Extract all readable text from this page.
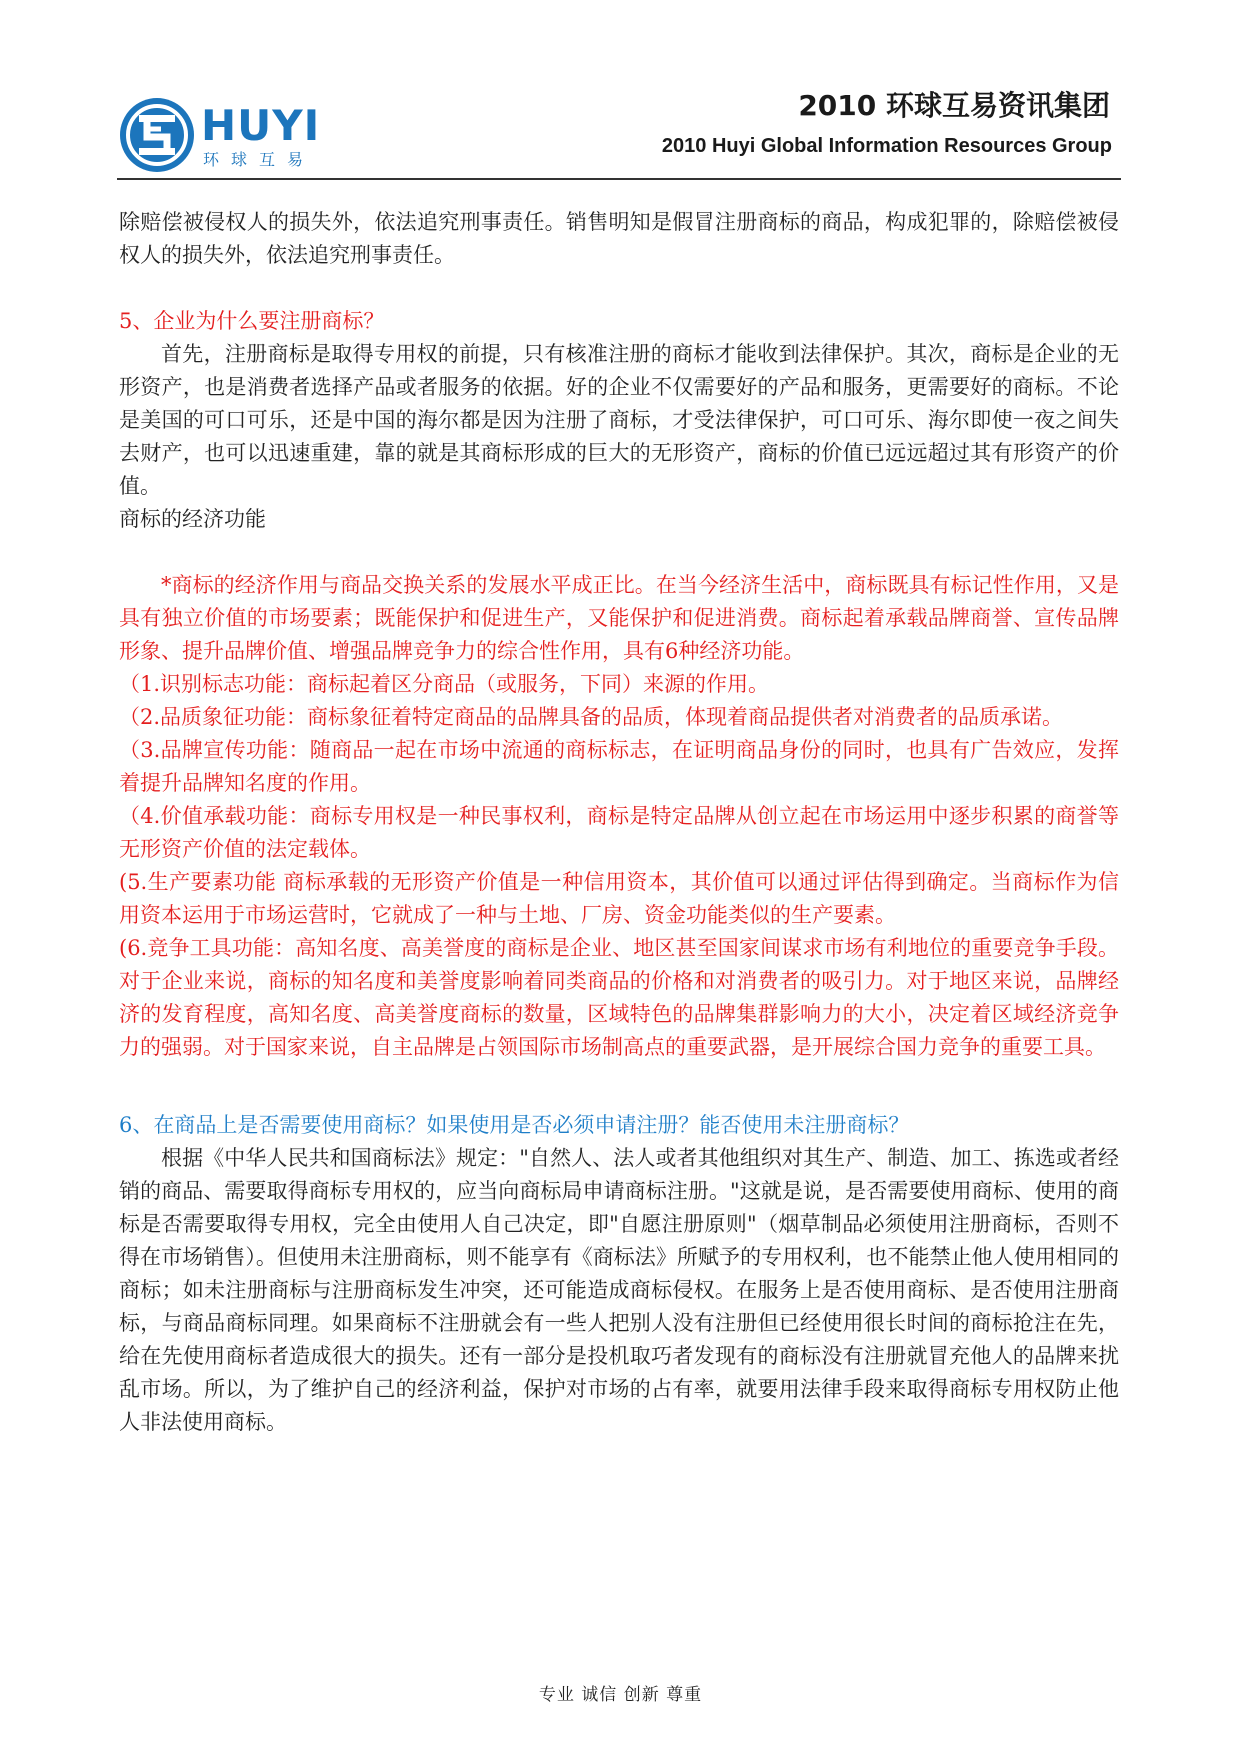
HUYI
环球互易
2010 环球互易资讯集团
2010 Huyi Global Information Resources Group

除赔偿被侵权人的损失外，依法追究刑事责任。销售明知是假冒注册商标的商品，构成犯罪的，除赔偿被侵权人的损失外，依法追究刑事责任。

5、企业为什么要注册商标？

首先，注册商标是取得专用权的前提，只有核准注册的商标才能收到法律保护。其次，商标是企业的无形资产，也是消费者选择产品或者服务的依据。好的企业不仅需要好的产品和服务，更需要好的商标。不论是美国的可口可乐，还是中国的海尔都是因为注册了商标，才受法律保护，可口可乐、海尔即使一夜之间失去财产，也可以迅速重建，靠的就是其商标形成的巨大的无形资产，商标的价值已远远超过其有形资产的价值。

商标的经济功能

*商标的经济作用与商品交换关系的发展水平成正比。在当今经济生活中，商标既具有标记性作用，又是具有独立价值的市场要素；既能保护和促进生产，又能保护和促进消费。商标起着承载品牌商誉、宣传品牌形象、提升品牌价值、增强品牌竞争力的综合性作用，具有6种经济功能。

（1.识别标志功能：商标起着区分商品（或服务，下同）来源的作用。

（2.品质象征功能：商标象征着特定商品的品牌具备的品质，体现着商品提供者对消费者的品质承诺。

（3.品牌宣传功能：随商品一起在市场中流通的商标标志，在证明商品身份的同时，也具有广告效应，发挥着提升品牌知名度的作用。

（4.价值承载功能：商标专用权是一种民事权利，商标是特定品牌从创立起在市场运用中逐步积累的商誉等无形资产价值的法定载体。

(5.生产要素功能 商标承载的无形资产价值是一种信用资本，其价值可以通过评估得到确定。当商标作为信用资本运用于市场运营时，它就成了一种与土地、厂房、资金功能类似的生产要素。

(6.竞争工具功能：高知名度、高美誉度的商标是企业、地区甚至国家间谋求市场有利地位的重要竞争手段。对于企业来说，商标的知名度和美誉度影响着同类商品的价格和对消费者的吸引力。对于地区来说，品牌经济的发育程度，高知名度、高美誉度商标的数量，区域特色的品牌集群影响力的大小，决定着区域经济竞争力的强弱。对于国家来说，自主品牌是占领国际市场制高点的重要武器，是开展综合国力竞争的重要工具。

6、在商品上是否需要使用商标？如果使用是否必须申请注册？能否使用未注册商标？

根据《中华人民共和国商标法》规定："自然人、法人或者其他组织对其生产、制造、加工、拣选或者经销的商品、需要取得商标专用权的，应当向商标局申请商标注册。"这就是说，是否需要使用商标、使用的商标是否需要取得专用权，完全由使用人自己决定，即"自愿注册原则"（烟草制品必须使用注册商标，否则不得在市场销售）。但使用未注册商标，则不能享有《商标法》所赋予的专用权利，也不能禁止他人使用相同的商标；如未注册商标与注册商标发生冲突，还可能造成商标侵权。在服务上是否使用商标、是否使用注册商标，与商品商标同理。如果商标不注册就会有一些人把别人没有注册但已经使用很长时间的商标抢注在先，给在先使用商标者造成很大的损失。还有一部分是投机取巧者发现有的商标没有注册就冒充他人的品牌来扰乱市场。所以，为了维护自己的经济利益，保护对市场的占有率，就要用法律手段来取得商标专用权防止他人非法使用商标。

专业 诚信 创新 尊重
